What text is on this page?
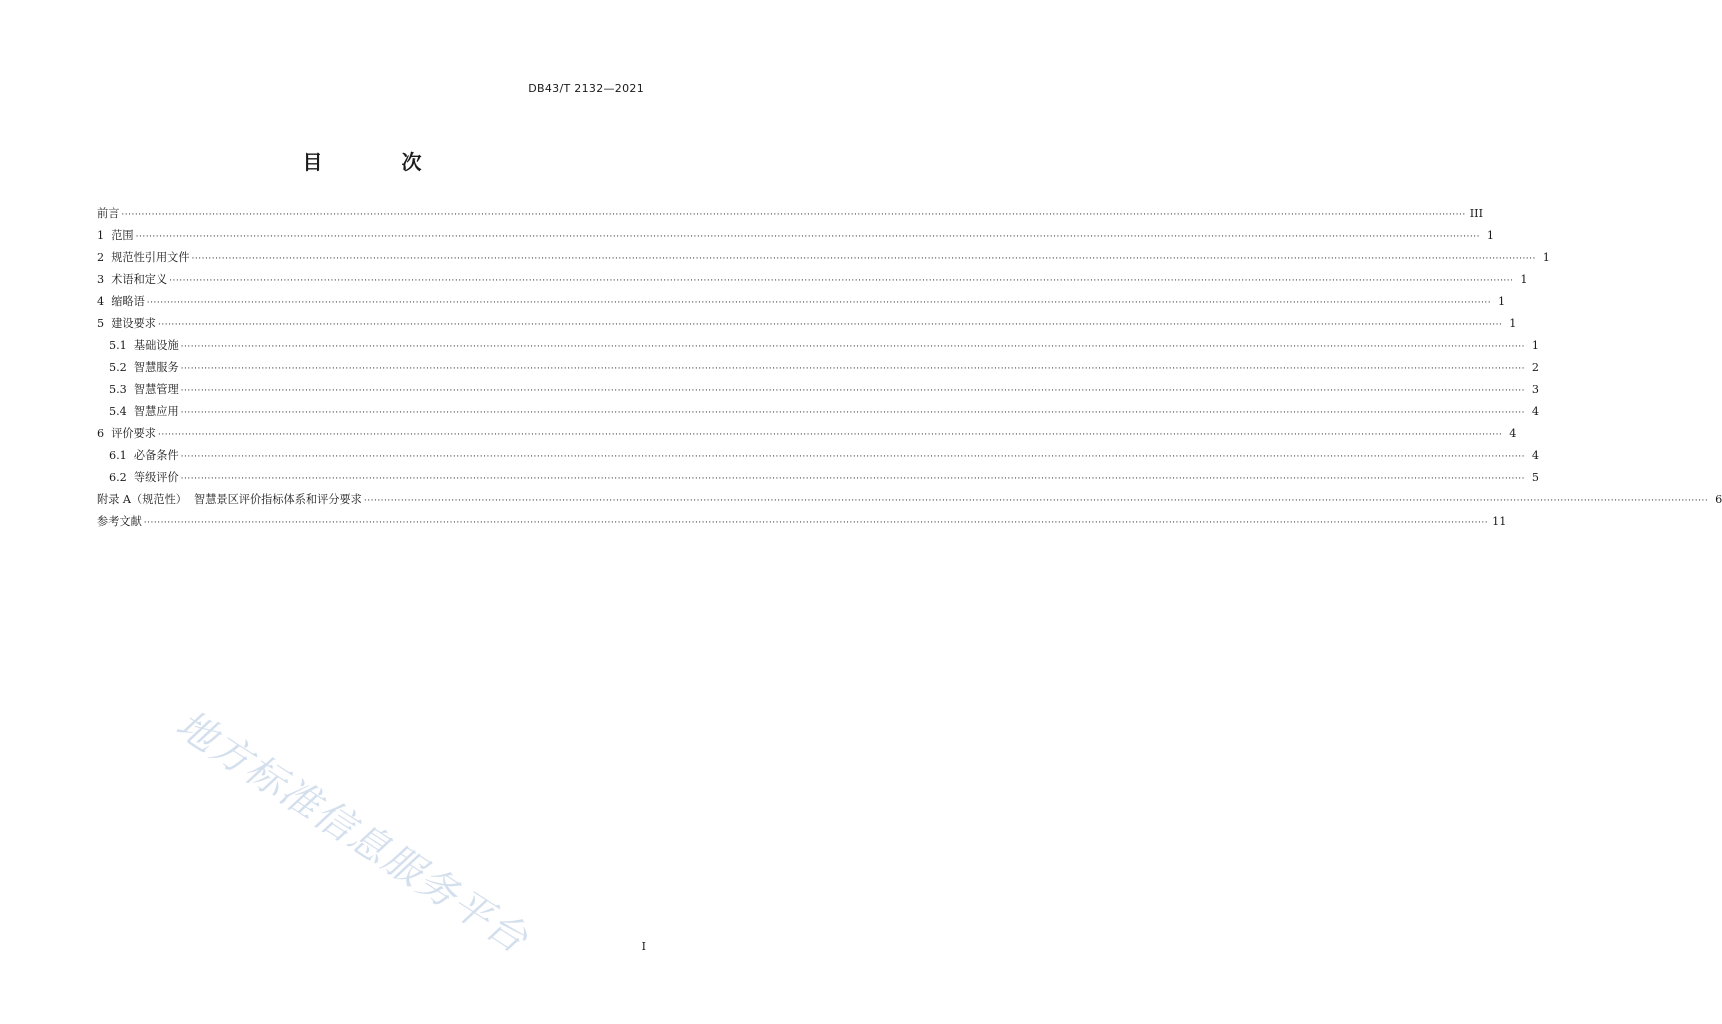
DB43/T 2132—2021
目 次
前言 ················································································································································································································································································································································································································ III
1  范围 ················································································································································································································································································································································································································ 1
2  规范性引用文件 ················································································································································································································································································································································································································ 1
3  术语和定义 ················································································································································································································································································································································································································ 1
4  缩略语 ················································································································································································································································································································································································································ 1
5  建设要求 ················································································································································································································································································································································································································ 1
5.1  基础设施 ················································································································································································································································································································································································································ 1
5.2  智慧服务 ················································································································································································································································································································································································································ 2
5.3  智慧管理 ················································································································································································································································································································································································································ 3
5.4  智慧应用 ················································································································································································································································································································································································································ 4
6  评价要求 ················································································································································································································································································································································································································ 4
6.1  必备条件 ················································································································································································································································································································································································································ 4
6.2  等级评价 ················································································································································································································································································································································································································ 5
附录 A（规范性）  智慧景区评价指标体系和评分要求 ················································································································································································································································································································································································································ 6
参考文献 ················································································································································································································································································································································································································ 11
地方标准信息服务平台	I
